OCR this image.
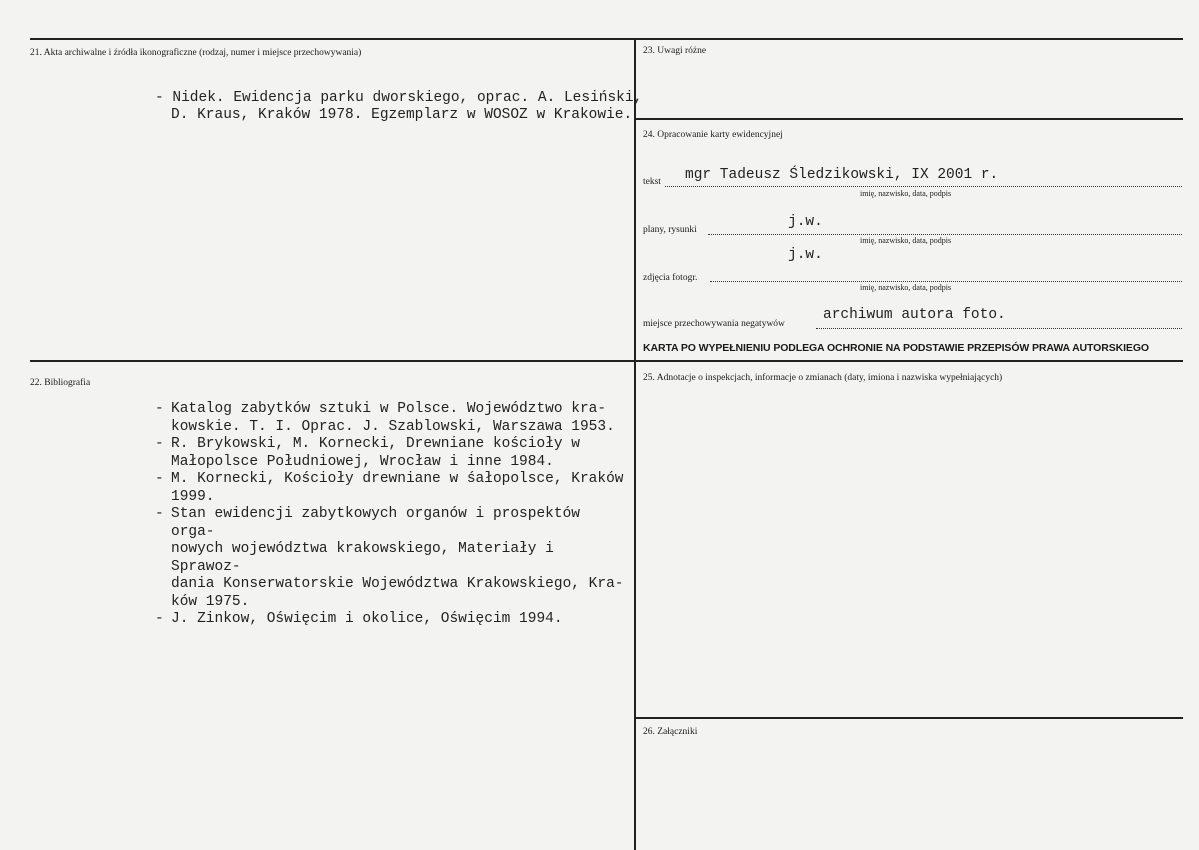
21. Akta archiwalne i źródła ikonograficzne (rodzaj, numer i miejsce przechowywania)
- Nidek. Ewidencja parku dworskiego, oprac. A. Lesiński,
D. Kraus, Kraków 1978. Egzemplarz w WOSOZ w Krakowie.
22. Bibliografia
- Katalog zabytków sztuki w Polsce. Województwo kra-
kowskie. T. I. Oprac. J. Szablowski, Warszawa 1953.
- R. Brykowski, M. Kornecki, Drewniane kościoły w
Małopolsce Południowej, Wrocław i inne 1984.
- M. Kornecki, Kościoły drewniane w śałopolsce, Kraków
1999.
- Stan ewidencji zabytkowych organów i prospektów orga-
nowych województwa krakowskiego, Materiały i Sprawoz-
dania Konserwatorskie Województwa Krakowskiego, Kra-
ków 1975.
- J. Zinkow, Oświęcim i okolice, Oświęcim 1994.
23. Uwagi różne
24. Opracowanie karty ewidencyjnej
tekst mgr Tadeusz Śledzikowski, IX 2001 r.
imię, nazwisko, data, podpis
plany, rysunki	j.w.
imię, nazwisko, data, podpis
zdjęcia fotogr.
j.w.
imię, nazwisko, data, podpis
miejsce przechowywania negatywów
archiwum autora foto.
KARTA PO WYPEŁNIENIU PODLEGA OCHRONIE NA PODSTAWIE PRZEPISÓW PRAWA AUTORSKIEGO
25. Adnotacje o inspekcjach, informacje o zmianach (daty, imiona i nazwiska wypełniających)
26. Załączniki
